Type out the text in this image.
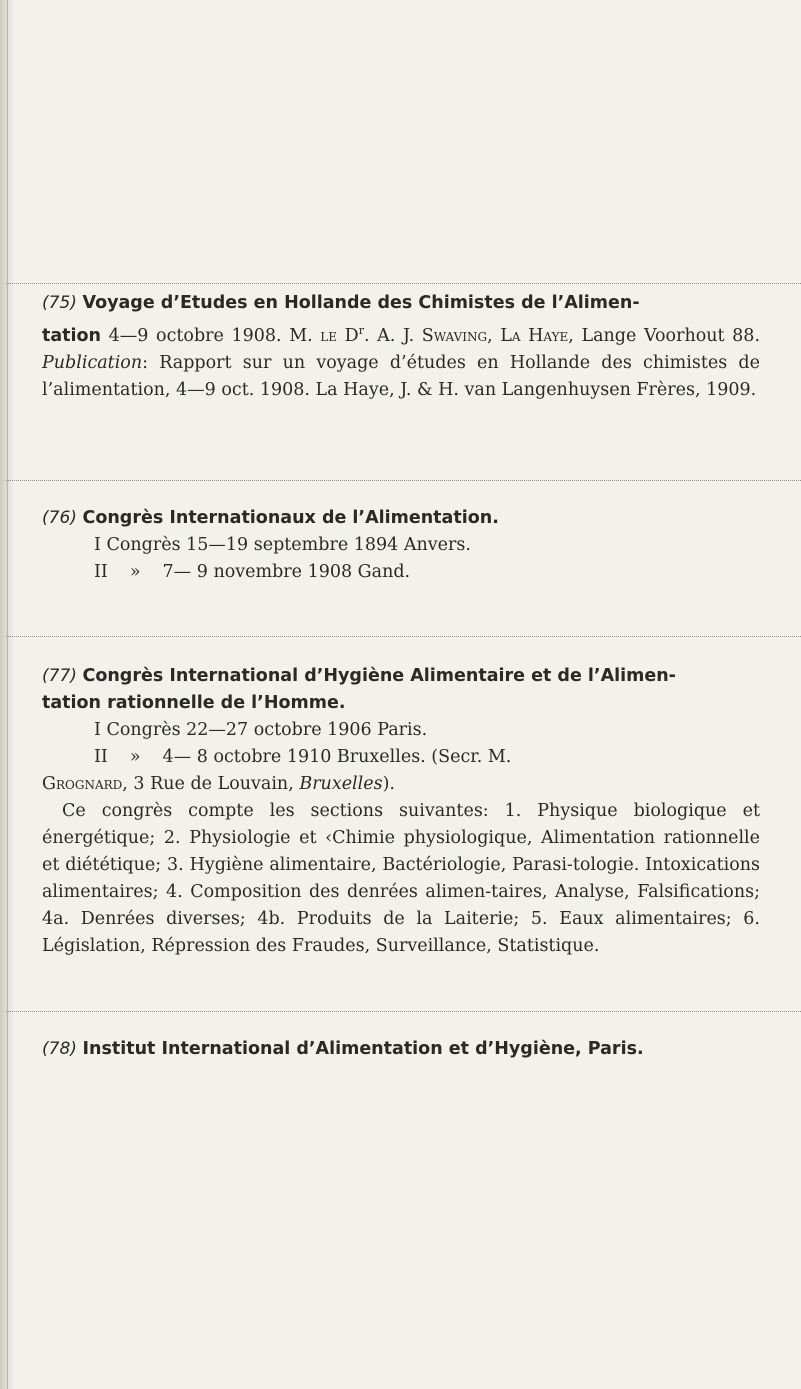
(75) Voyage d’Etudes en Hollande des Chimistes de l’Alimen-
tation 4—9 octobre 1908. M. le $D^r$. A. J. Swaving, La Haye, Lange Voorhout 88. Publication: Rapport sur un voyage d’études en Hollande des chimistes de l’alimentation, 4—9 oct. 1908. La Haye, J. & H. van Langenhuysen Frères, 1909.

(76) Congrès Internationaux de l’Alimentation.

I Congrès 15—19 septembre 1894 Anvers.

II » 7— 9 novembre 1908 Gand.

(77) Congrès International d’Hygiène Alimentaire et de l’Alimen-
tation rationnelle de l’Homme.

I Congrès 22—27 octobre 1906 Paris.

II » 4— 8 octobre 1910 Bruxelles. (Secr. M.

Grognard, 3 Rue de Louvain, Bruxelles).

Ce congrès compte les sections suivantes: 1. Physique biologique et énergétique; 2. Physiologie et ‹Chimie physiologique, Alimentation rationnelle et diététique; 3. Hygiène alimentaire, Bactériologie, Parasi-tologie. Intoxications alimentaires; 4. Composition des denrées alimen-taires, Analyse, Falsifications; 4a. Denrées diverses; 4b. Produits de la Laiterie; 5. Eaux alimentaires; 6. Législation, Répression des Fraudes, Surveillance, Statistique.

(78) Institut International d’Alimentation et d’Hygiène, Paris.
